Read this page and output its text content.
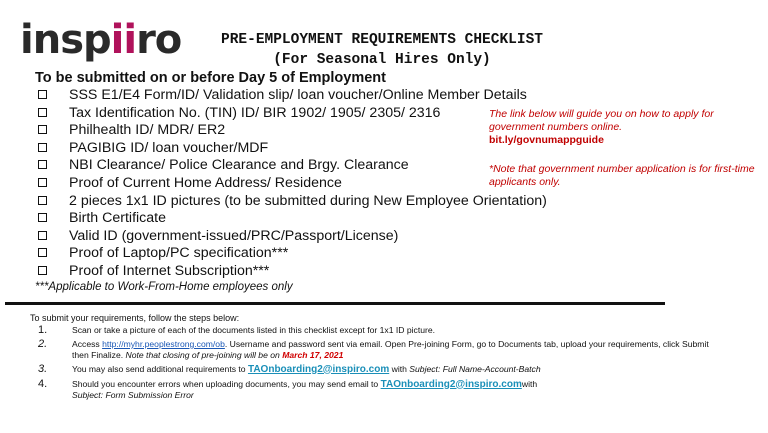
inspiiro	PRE-EMPLOYMENT REQUIREMENTS CHECKLIST
(For Seasonal Hires Only)
To be submitted on or before Day 5 of Employment
SSS E1/E4 Form/ID/ Validation slip/ loan voucher/Online Member Details
Tax Identification No. (TIN) ID/ BIR 1902/ 1905/ 2305/ 2316
Philhealth ID/ MDR/ ER2
PAGIBIG ID/ loan voucher/MDF
NBI Clearance/ Police Clearance and Brgy. Clearance
Proof of Current Home Address/ Residence
2 pieces 1x1 ID pictures (to be submitted during New Employee Orientation)
Birth Certificate
Valid ID (government-issued/PRC/Passport/License)
Proof of Laptop/PC specification***
Proof of Internet Subscription***
***Applicable to Work-From-Home employees only
The link below will guide you on how to apply for government numbers online.
bit.ly/govnumappguide
*Note that government number application is for first-time applicants only.
To submit your requirements, follow the steps below:
1.	Scan or take a picture of each of the documents listed in this checklist except for 1x1 ID picture.
2.	Access http://myhr.peoplestrong.com/ob. Username and password sent via email. Open Pre-joining Form, go to Documents tab, upload your requirements, click Submit then Finalize. Note that closing of pre-joining will be on March 17, 2021
3.	You may also send additional requirements to TAOnboarding2@inspiro.com with Subject: Full Name-Account-Batch
4.	Should you encounter errors when uploading documents, you may send email to TAOnboarding2@inspiro.comwith
Subject: Form Submission Error
